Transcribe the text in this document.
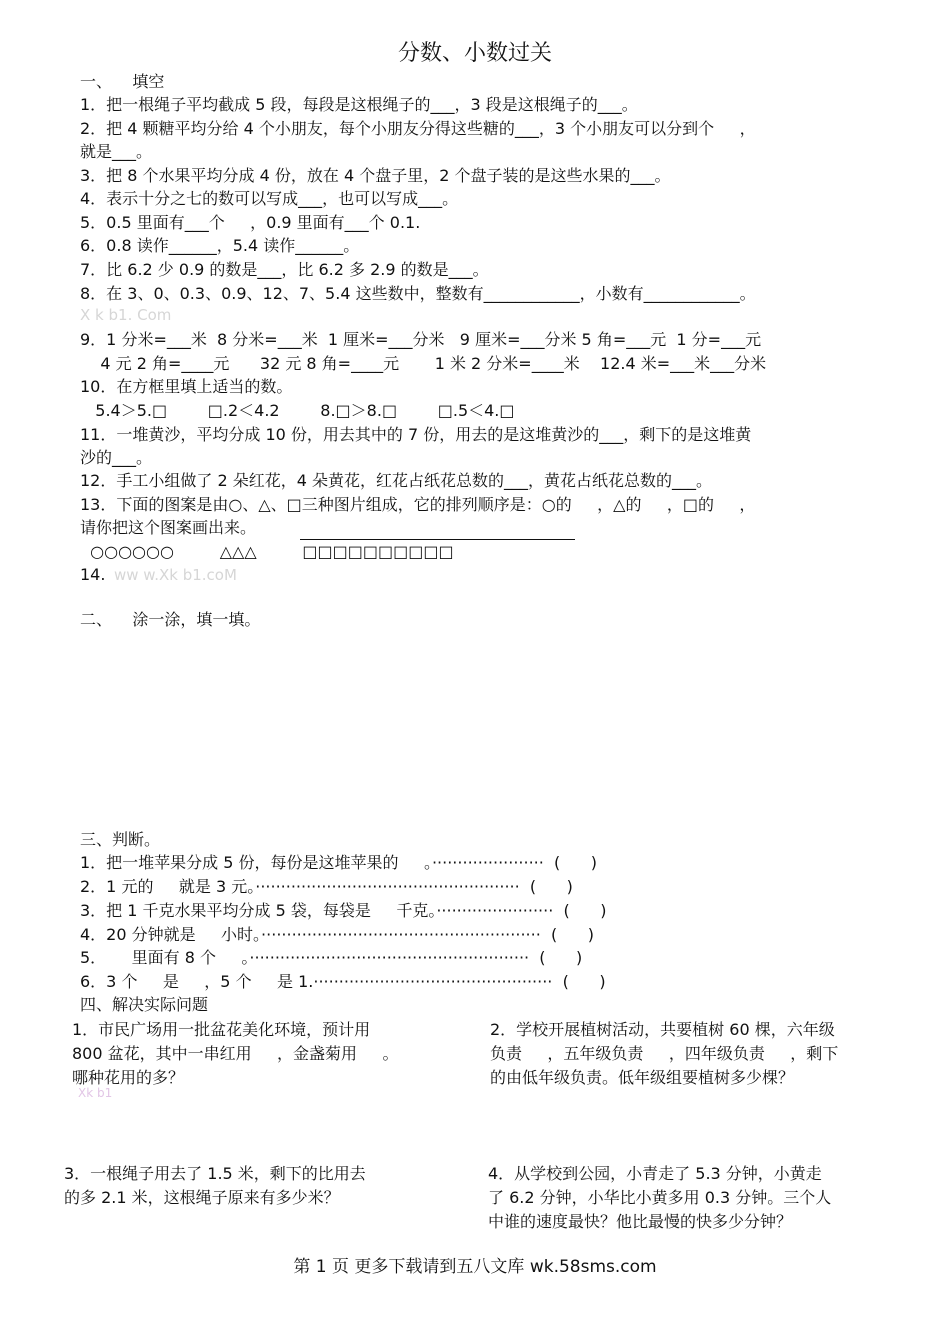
分数、小数过关
一、    填空
1．把一根绳子平均截成 5 段，每段是这根绳子的___，3 段是这根绳子的___。
2．把 4 颗糖平均分给 4 个小朋友，每个小朋友分得这些糖的___，3 个小朋友可以分到个     ，
就是___。
3．把 8 个水果平均分成 4 份，放在 4 个盘子里，2 个盘子装的是这些水果的___。
4．表示十分之七的数可以写成___，也可以写成___。
5．0.5 里面有___个     ，0.9 里面有___个 0.1.
6．0.8 读作______，5.4 读作______。
7．比 6.2 少 0.9 的数是___，比 6.2 多 2.9 的数是___。
8．在 3、0、0.3、0.9、12、7、5.4 这些数中，整数有____________，小数有____________。
X k b1. Com
9．1 分米=___米  8 分米=___米  1 厘米=___分米   9 厘米=___分米 5 角=___元  1 分=___元
4 元 2 角=____元      32 元 8 角=____元       1 米 2 分米=____米    12.4 米=___米___分米
10．在方框里填上适当的数。
5.4＞5.□        □.2＜4.2        8.□＞8.□        □.5＜4.□
11．一堆黄沙，平均分成 10 份，用去其中的 7 份，用去的是这堆黄沙的___，剩下的是这堆黄
沙的___。
12．手工小组做了 2 朵红花，4 朵黄花，红花占纸花总数的___，黄花占纸花总数的___。
13．下面的图案是由○、△、□三种图片组成，它的排列顺序是：○的     ，△的     ，□的     ，
请你把这个图案画出来。
○○○○○○         △△△         □□□□□□□□□□
14. ww w.Xk b1.coM
二、    涂一涂，填一填。
三、判断。
1．把一堆苹果分成 5 份，每份是这堆苹果的     。······················  (      )
2．1 元的     就是 3 元。····················································  (      )
3．把 1 千克水果平均分成 5 袋，每袋是     千克。·······················  (      )
4．20 分钟就是     小时。·······················································  (      )
5．     里面有 8 个     。·······················································  (      )
6．3 个     是     ，5 个     是 1.···············································  (      )
四、解决实际问题
1．市民广场用一批盆花美化环境，预计用
800 盆花，其中一串红用     ，金盏菊用     。
哪种花用的多？
Xk b1
2．学校开展植树活动，共要植树 60 棵，六年级
负责     ，五年级负责     ，四年级负责     ，剩下
的由低年级负责。低年级组要植树多少棵？
3．一根绳子用去了 1.5 米，剩下的比用去
的多 2.1 米，这根绳子原来有多少米？
4．从学校到公园，小青走了 5.3 分钟，小黄走
了 6.2 分钟，小华比小黄多用 0.3 分钟。三个人
中谁的速度最快？他比最慢的快多少分钟？
第 1 页 更多下载请到五八文库 wk.58sms.com
